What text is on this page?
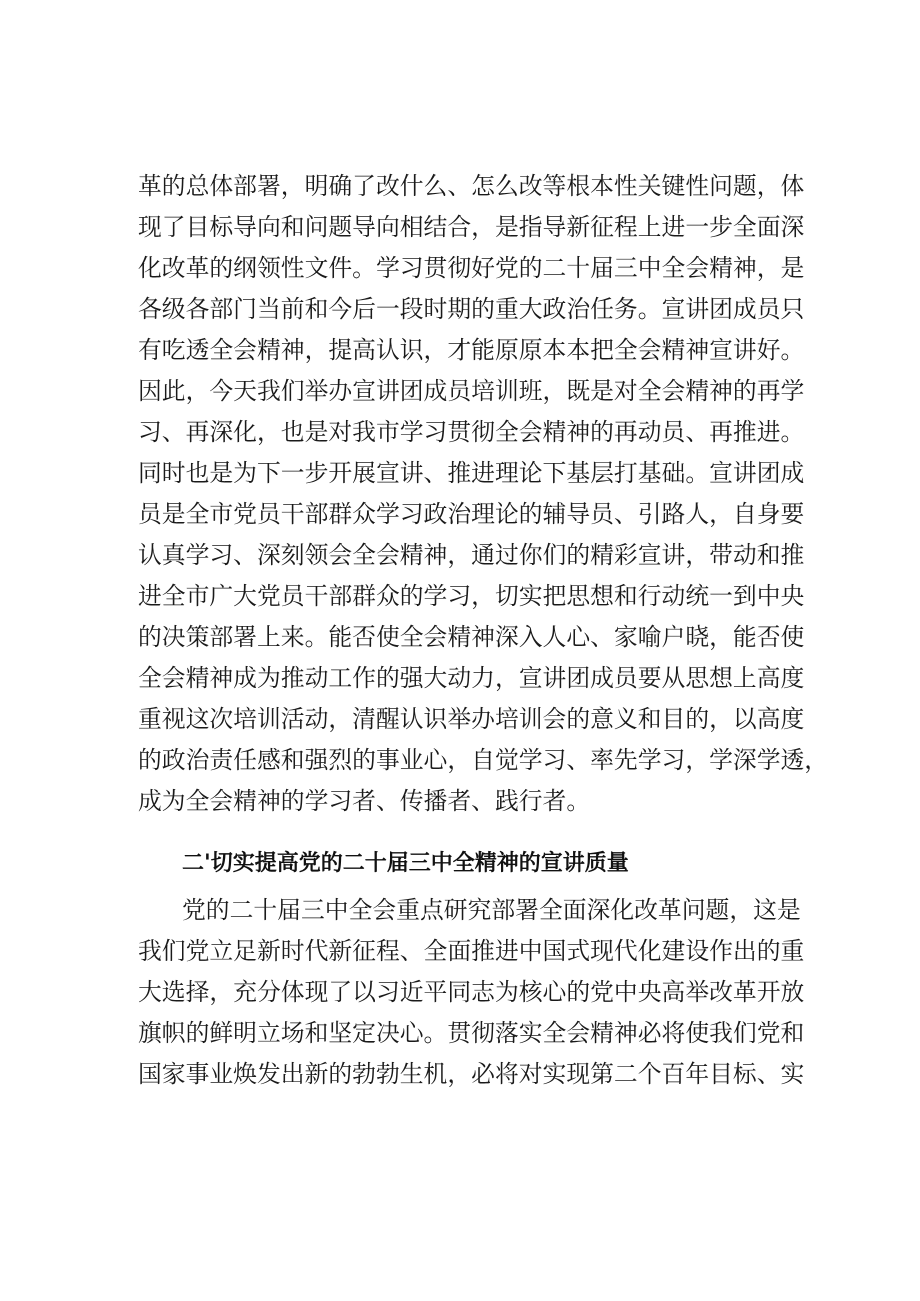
革的总体部署，明确了改什么、怎么改等根本性关键性问题，体
现了目标导向和问题导向相结合，是指导新征程上进一步全面深
化改革的纲领性文件。学习贯彻好党的二十届三中全会精神，是
各级各部门当前和今后一段时期的重大政治任务。宣讲团成员只
有吃透全会精神，提高认识，才能原原本本把全会精神宣讲好。
因此，今天我们举办宣讲团成员培训班，既是对全会精神的再学
习、再深化，也是对我市学习贯彻全会精神的再动员、再推进。
同时也是为下一步开展宣讲、推进理论下基层打基础。宣讲团成
员是全市党员干部群众学习政治理论的辅导员、引路人，自身要
认真学习、深刻领会全会精神，通过你们的精彩宣讲，带动和推
进全市广大党员干部群众的学习，切实把思想和行动统一到中央
的决策部署上来。能否使全会精神深入人心、家喻户晓，能否使
全会精神成为推动工作的强大动力，宣讲团成员要从思想上高度
重视这次培训活动，清醒认识举办培训会的意义和目的，以高度
的政治责任感和强烈的事业心，自觉学习、率先学习，学深学透，
成为全会精神的学习者、传播者、践行者。
二'切实提高党的二十届三中全精神的宣讲质量
党的二十届三中全会重点研究部署全面深化改革问题，这是
我们党立足新时代新征程、全面推进中国式现代化建设作出的重
大选择，充分体现了以习近平同志为核心的党中央高举改革开放
旗帜的鲜明立场和坚定决心。贯彻落实全会精神必将使我们党和
国家事业焕发出新的勃勃生机，必将对实现第二个百年目标、实
